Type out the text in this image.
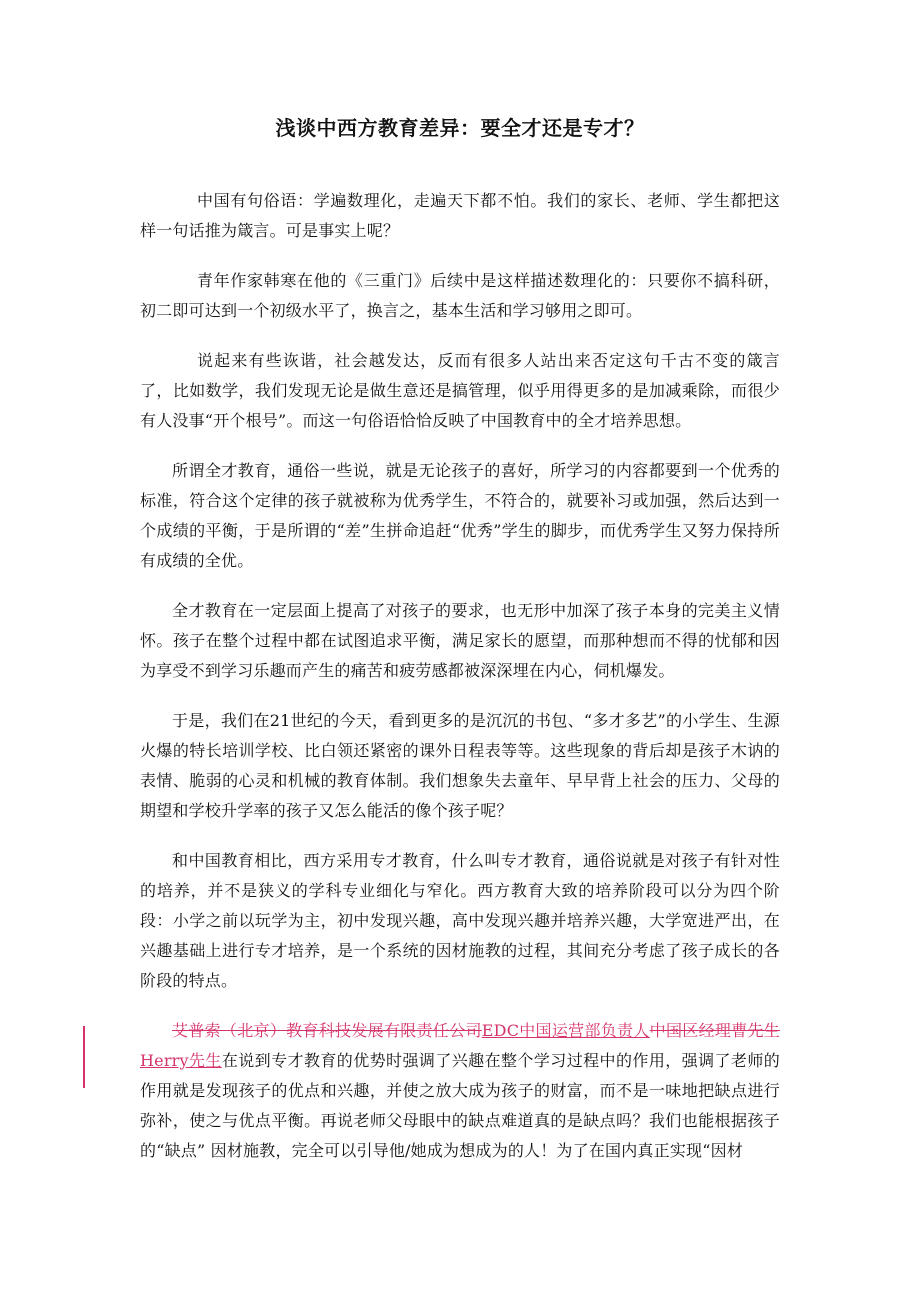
浅谈中西方教育差异：要全才还是专才？

中国有句俗语：学遍数理化，走遍天下都不怕。我们的家长、老师、学生都把这样一句话推为箴言。可是事实上呢？

青年作家韩寒在他的《三重门》后续中是这样描述数理化的：只要你不搞科研，初二即可达到一个初级水平了，换言之，基本生活和学习够用之即可。

说起来有些诙谐，社会越发达，反而有很多人站出来否定这句千古不变的箴言了，比如数学，我们发现无论是做生意还是搞管理，似乎用得更多的是加减乘除，而很少有人没事“开个根号”。而这一句俗语恰恰反映了中国教育中的全才培养思想。

所谓全才教育，通俗一些说，就是无论孩子的喜好，所学习的内容都要到一个优秀的标准，符合这个定律的孩子就被称为优秀学生，不符合的，就要补习或加强，然后达到一个成绩的平衡，于是所谓的“差”生拼命追赶“优秀”学生的脚步，而优秀学生又努力保持所有成绩的全优。

全才教育在一定层面上提高了对孩子的要求，也无形中加深了孩子本身的完美主义情怀。孩子在整个过程中都在试图追求平衡，满足家长的愿望，而那种想而不得的忧郁和因为享受不到学习乐趣而产生的痛苦和疲劳感都被深深埋在内心，伺机爆发。

于是，我们在21世纪的今天，看到更多的是沉沉的书包、“多才多艺”的小学生、生源火爆的特长培训学校、比白领还紧密的课外日程表等等。这些现象的背后却是孩子木讷的表情、脆弱的心灵和机械的教育体制。我们想象失去童年、早早背上社会的压力、父母的期望和学校升学率的孩子又怎么能活的像个孩子呢？

和中国教育相比，西方采用专才教育，什么叫专才教育，通俗说就是对孩子有针对性的培养，并不是狭义的学科专业细化与窄化。西方教育大致的培养阶段可以分为四个阶段：小学之前以玩学为主，初中发现兴趣，高中发现兴趣并培养兴趣，大学宽进严出，在兴趣基础上进行专才培养，是一个系统的因材施教的过程，其间充分考虑了孩子成长的各阶段的特点。

艾普索（北京）教育科技发展有限责任公司EDC中国运营部负责人中国区经理曹先生Herry先生在说到专才教育的优势时强调了兴趣在整个学习过程中的作用，强调了老师的作用就是发现孩子的优点和兴趣，并使之放大成为孩子的财富，而不是一味地把缺点进行弥补，使之与优点平衡。再说老师父母眼中的缺点难道真的是缺点吗？我们也能根据孩子的“缺点” 因材施教，完全可以引导他/她成为想成为的人！为了在国内真正实现“因材
